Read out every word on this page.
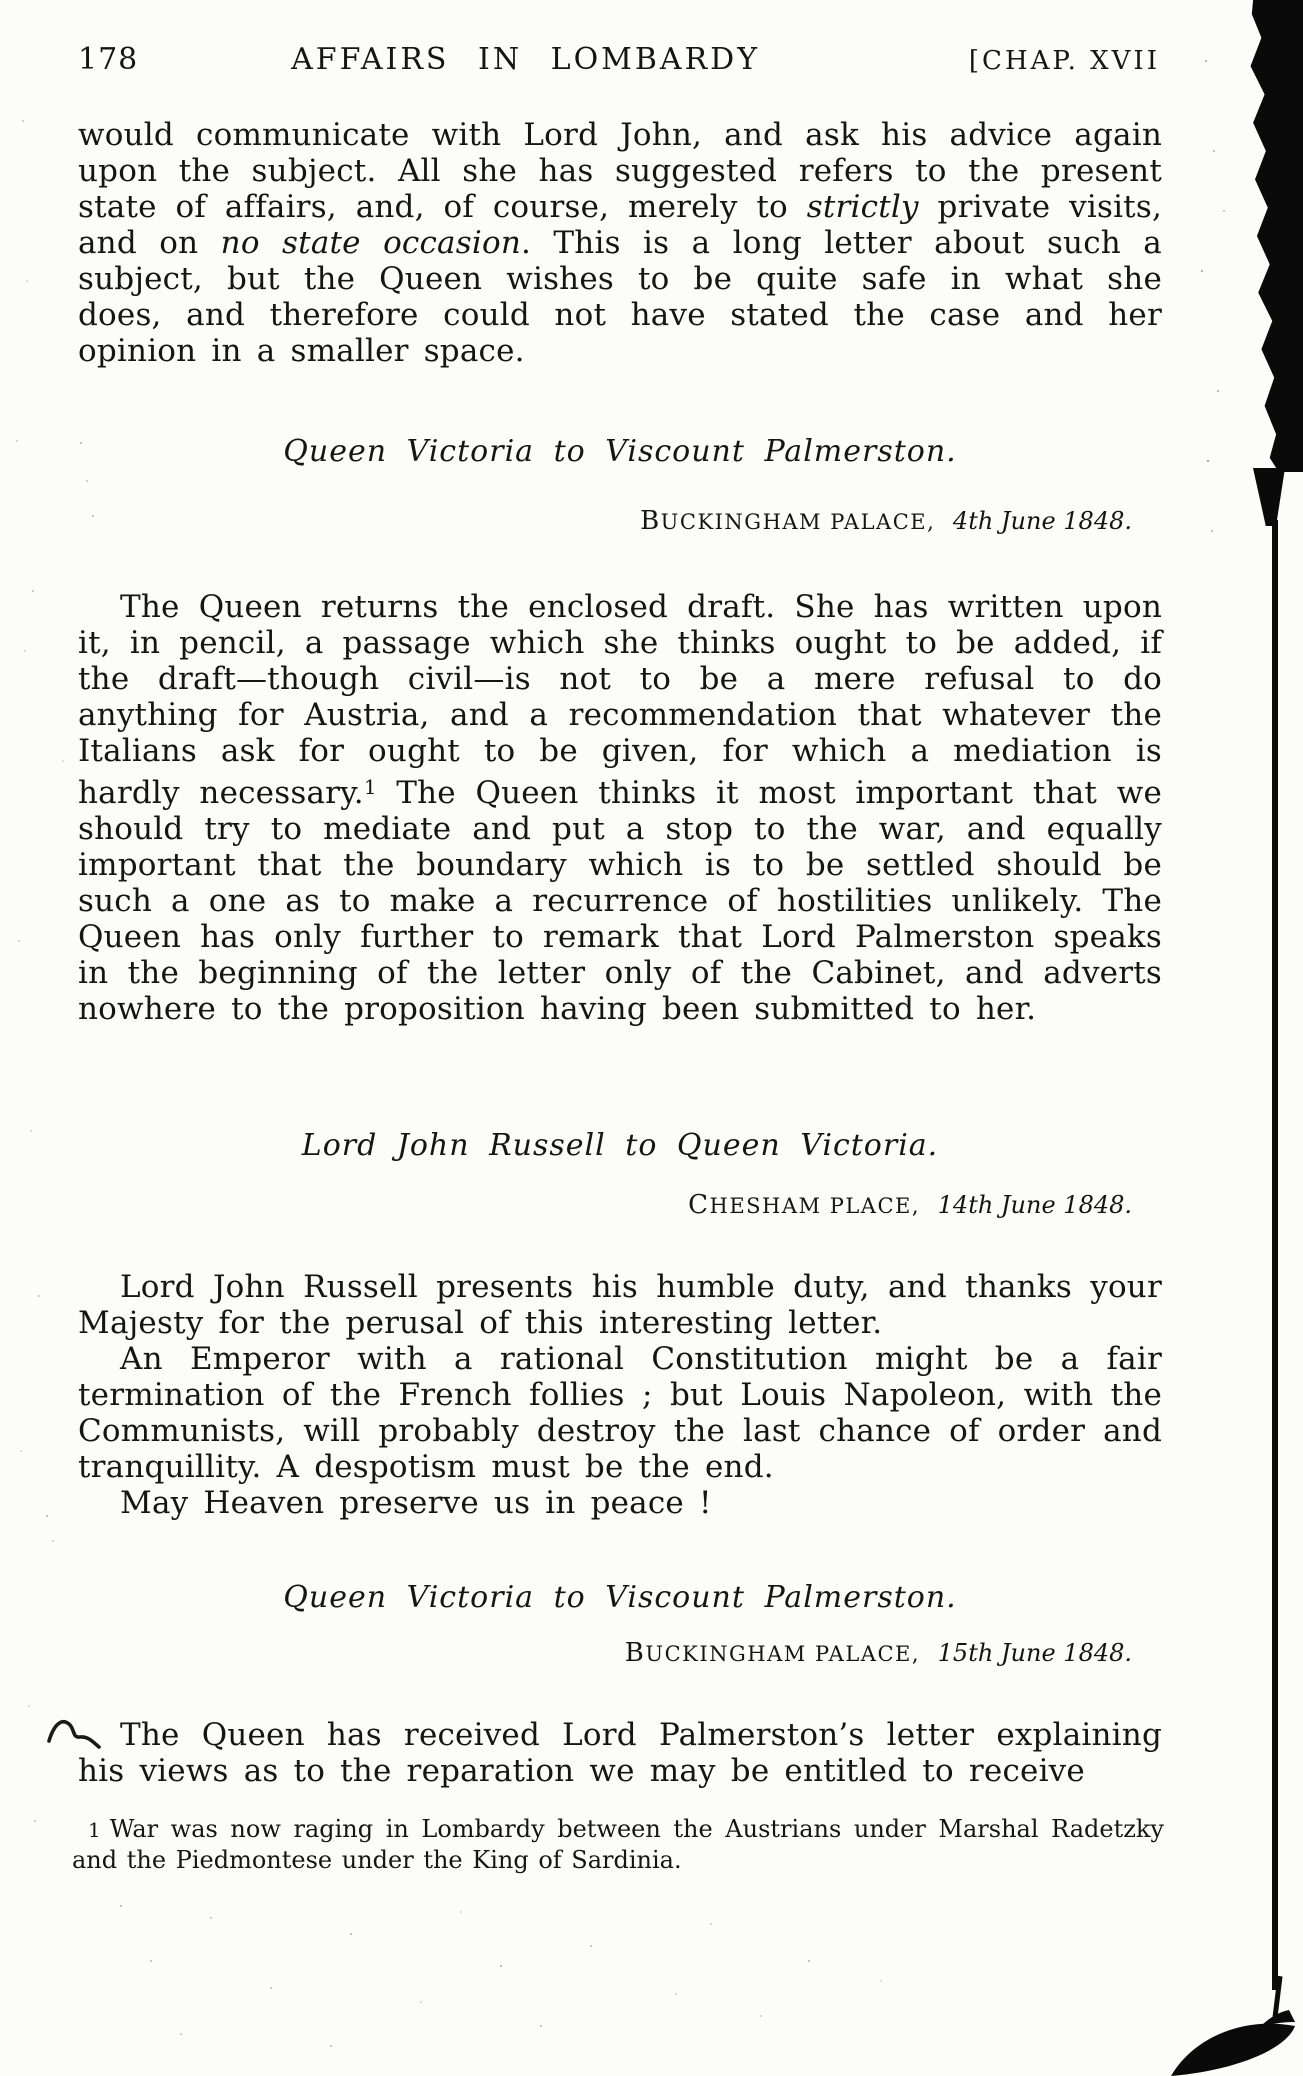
178	AFFAIRS IN LOMBARDY	[CHAP. XVII

would communicate with Lord John, and ask his advice again upon the subject. All she has suggested refers to the present state of affairs, and, of course, merely to strictly private visits, and on no state occasion. This is a long letter about such a subject, but the Queen wishes to be quite safe in what she does, and therefore could not have stated the case and her opinion in a smaller space.

Queen Victoria to Viscount Palmerston.
BUCKINGHAM PALACE, 4th June 1848.

The Queen returns the enclosed draft. She has written upon it, in pencil, a passage which she thinks ought to be added, if the draft—though civil—is not to be a mere refusal to do anything for Austria, and a recommendation that whatever the Italians ask for ought to be given, for which a mediation is hardly necessary.$^1$ The Queen thinks it most important that we should try to mediate and put a stop to the war, and equally important that the boundary which is to be settled should be such a one as to make a recurrence of hostilities unlikely. The Queen has only further to remark that Lord Palmerston speaks in the beginning of the letter only of the Cabinet, and adverts nowhere to the proposition having been submitted to her.

Lord John Russell to Queen Victoria.
CHESHAM PLACE, 14th June 1848.

Lord John Russell presents his humble duty, and thanks your Majesty for the perusal of this interesting letter.

An Emperor with a rational Constitution might be a fair termination of the French follies ; but Louis Napoleon, with the Communists, will probably destroy the last chance of order and tranquillity. A despotism must be the end.

May Heaven preserve us in peace !

Queen Victoria to Viscount Palmerston.
BUCKINGHAM PALACE, 15th June 1848.

The Queen has received Lord Palmerston’s letter explaining his views as to the reparation we may be entitled to receive

1 War was now raging in Lombardy between the Austrians under Marshal Radetzky and the Piedmontese under the King of Sardinia.
